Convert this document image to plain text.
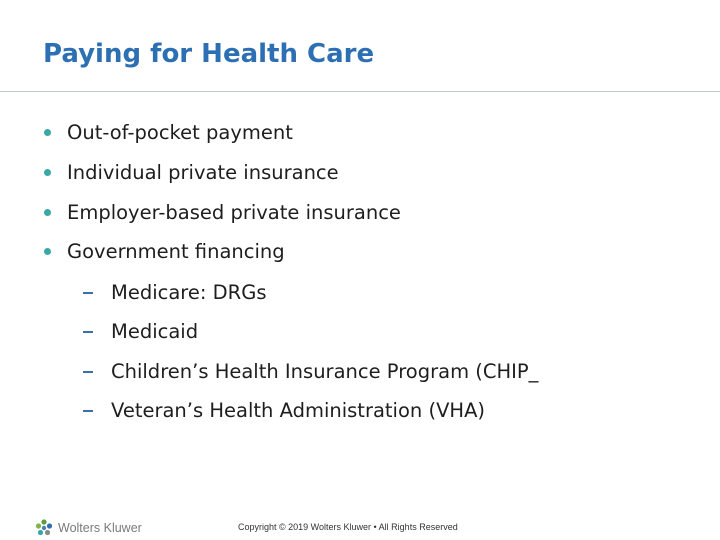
Paying for Health Care
Out-of-pocket payment
Individual private insurance
Employer-based private insurance
Government financing
Medicare: DRGs
Medicaid
Children’s Health Insurance Program (CHIP_
Veteran’s Health Administration (VHA)
Wolters Kluwer	Copyright © 2019 Wolters Kluwer • All Rights Reserved
